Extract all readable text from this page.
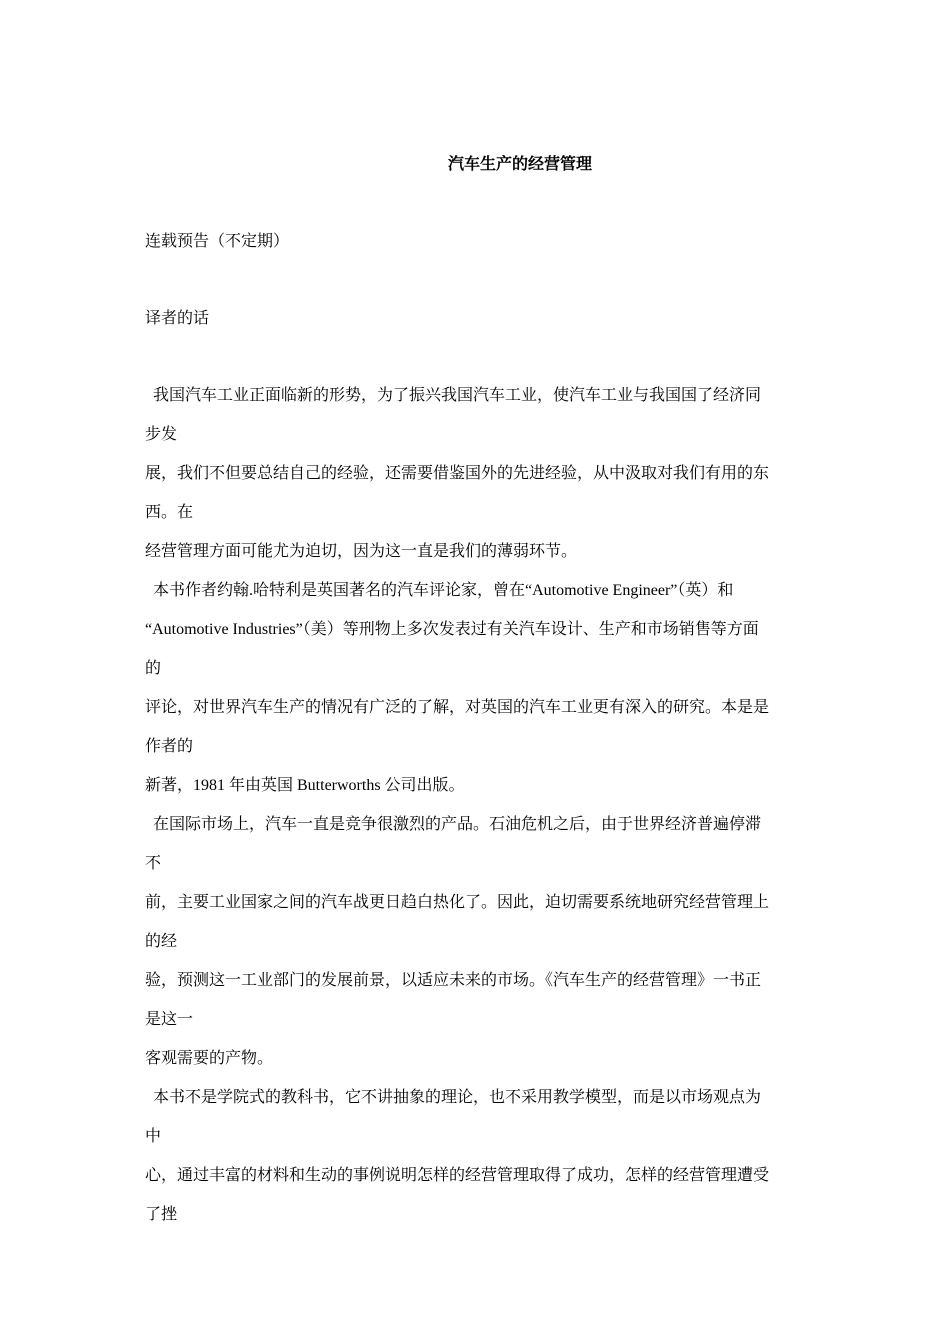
汽车生产的经营管理
连载预告（不定期）
译者的话
我国汽车工业正面临新的形势，为了振兴我国汽车工业，使汽车工业与我国国了经济同
步发
展，我们不但要总结自己的经验，还需要借鉴国外的先进经验，从中汲取对我们有用的东
西。在
经营管理方面可能尤为迫切，因为这一直是我们的薄弱环节。
本书作者约翰.哈特利是英国著名的汽车评论家，曾在“Automotive Engineer”（英）和
“Automotive Industries”（美）等刑物上多次发表过有关汽车设计、生产和市场销售等方面
的
评论，对世界汽车生产的情况有广泛的了解，对英国的汽车工业更有深入的研究。本是是
作者的
新著，1981 年由英国 Butterworths 公司出版。
在国际市场上，汽车一直是竞争很激烈的产品。石油危机之后，由于世界经济普遍停滞
不
前，主要工业国家之间的汽车战更日趋白热化了。因此，迫切需要系统地研究经营管理上
的经
验，预测这一工业部门的发展前景，以适应未来的市场。《汽车生产的经营管理》一书正
是这一
客观需要的产物。
本书不是学院式的教科书，它不讲抽象的理论，也不采用教学模型，而是以市场观点为
中
心，通过丰富的材料和生动的事例说明怎样的经营管理取得了成功，怎样的经营管理遭受
了挫
